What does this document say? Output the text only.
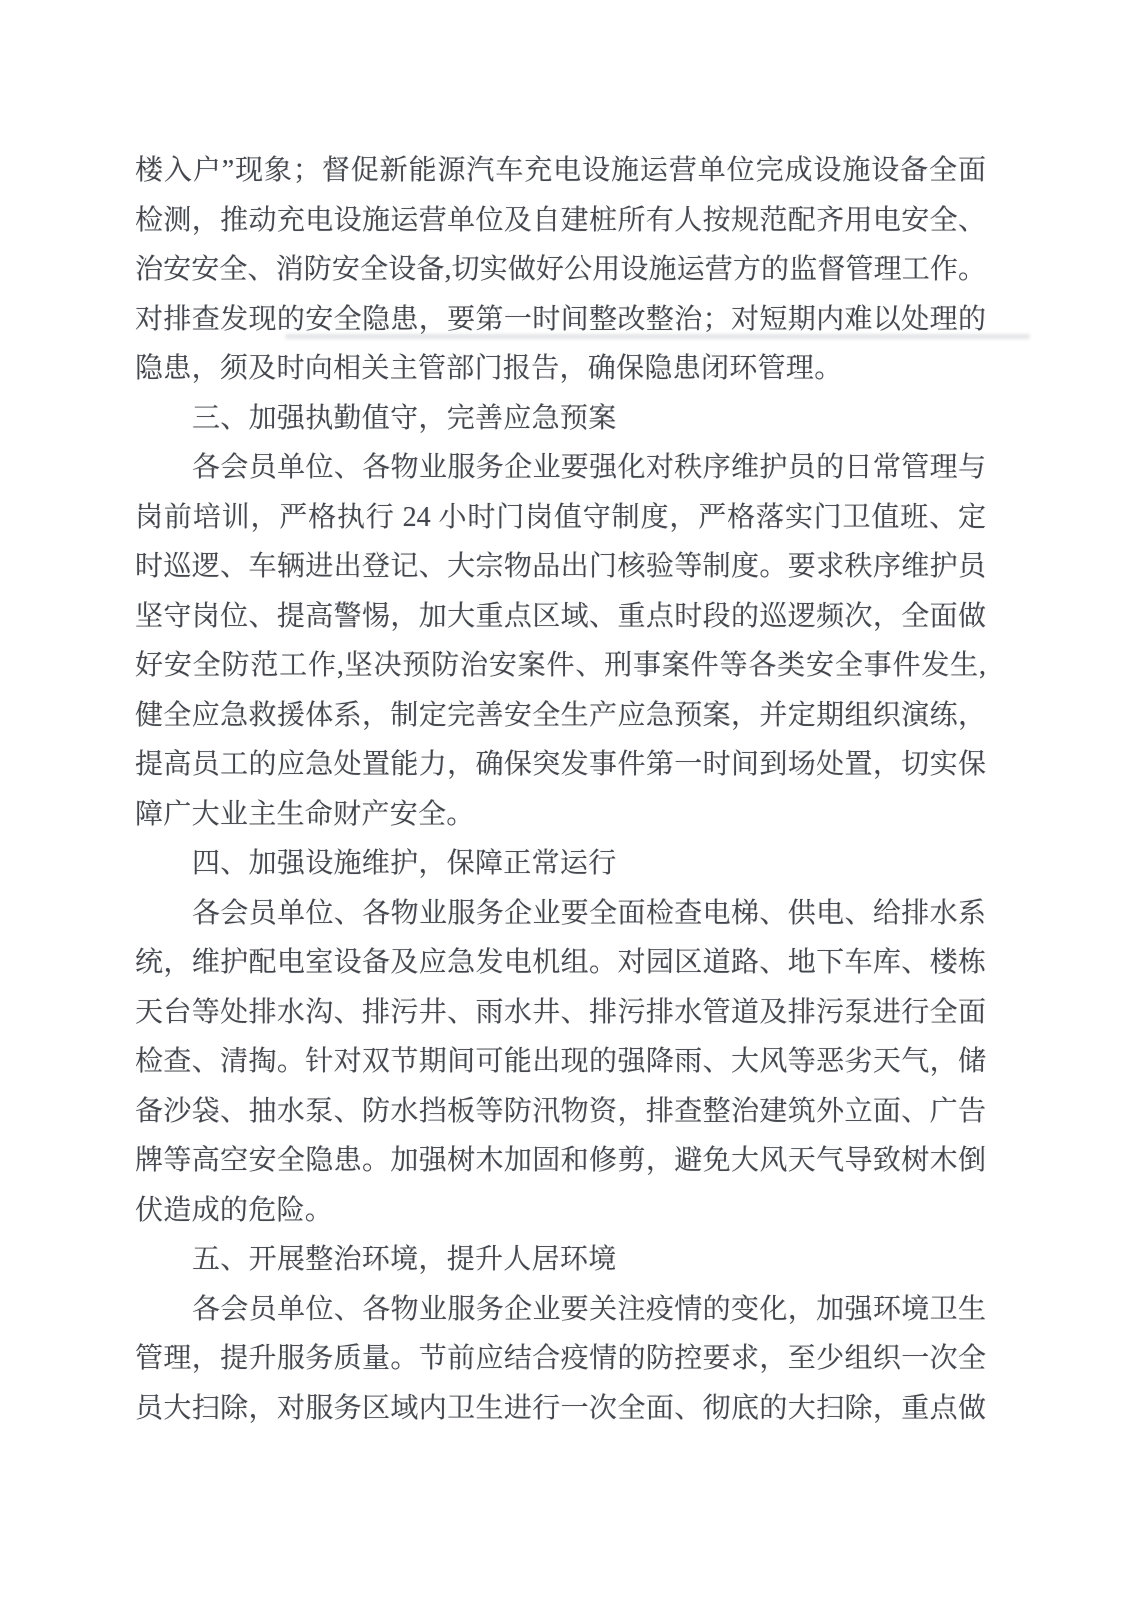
楼入户”现象；督促新能源汽车充电设施运营单位完成设施设备全面
检测，推动充电设施运营单位及自建桩所有人按规范配齐用电安全、
治安安全、消防安全设备,切实做好公用设施运营方的监督管理工作。
对排查发现的安全隐患，要第一时间整改整治；对短期内难以处理的
隐患，须及时向相关主管部门报告，确保隐患闭环管理。
三、加强执勤值守，完善应急预案
各会员单位、各物业服务企业要强化对秩序维护员的日常管理与
岗前培训，严格执行 24 小时门岗值守制度，严格落实门卫值班、定
时巡逻、车辆进出登记、大宗物品出门核验等制度。要求秩序维护员
坚守岗位、提高警惕，加大重点区域、重点时段的巡逻频次，全面做
好安全防范工作,坚决预防治安案件、刑事案件等各类安全事件发生,
健全应急救援体系，制定完善安全生产应急预案，并定期组织演练，
提高员工的应急处置能力，确保突发事件第一时间到场处置，切实保
障广大业主生命财产安全。
四、加强设施维护，保障正常运行
各会员单位、各物业服务企业要全面检查电梯、供电、给排水系
统，维护配电室设备及应急发电机组。对园区道路、地下车库、楼栋
天台等处排水沟、排污井、雨水井、排污排水管道及排污泵进行全面
检查、清掏。针对双节期间可能出现的强降雨、大风等恶劣天气，储
备沙袋、抽水泵、防水挡板等防汛物资，排查整治建筑外立面、广告
牌等高空安全隐患。加强树木加固和修剪，避免大风天气导致树木倒
伏造成的危险。
五、开展整治环境，提升人居环境
各会员单位、各物业服务企业要关注疫情的变化，加强环境卫生
管理，提升服务质量。节前应结合疫情的防控要求，至少组织一次全
员大扫除，对服务区域内卫生进行一次全面、彻底的大扫除，重点做
